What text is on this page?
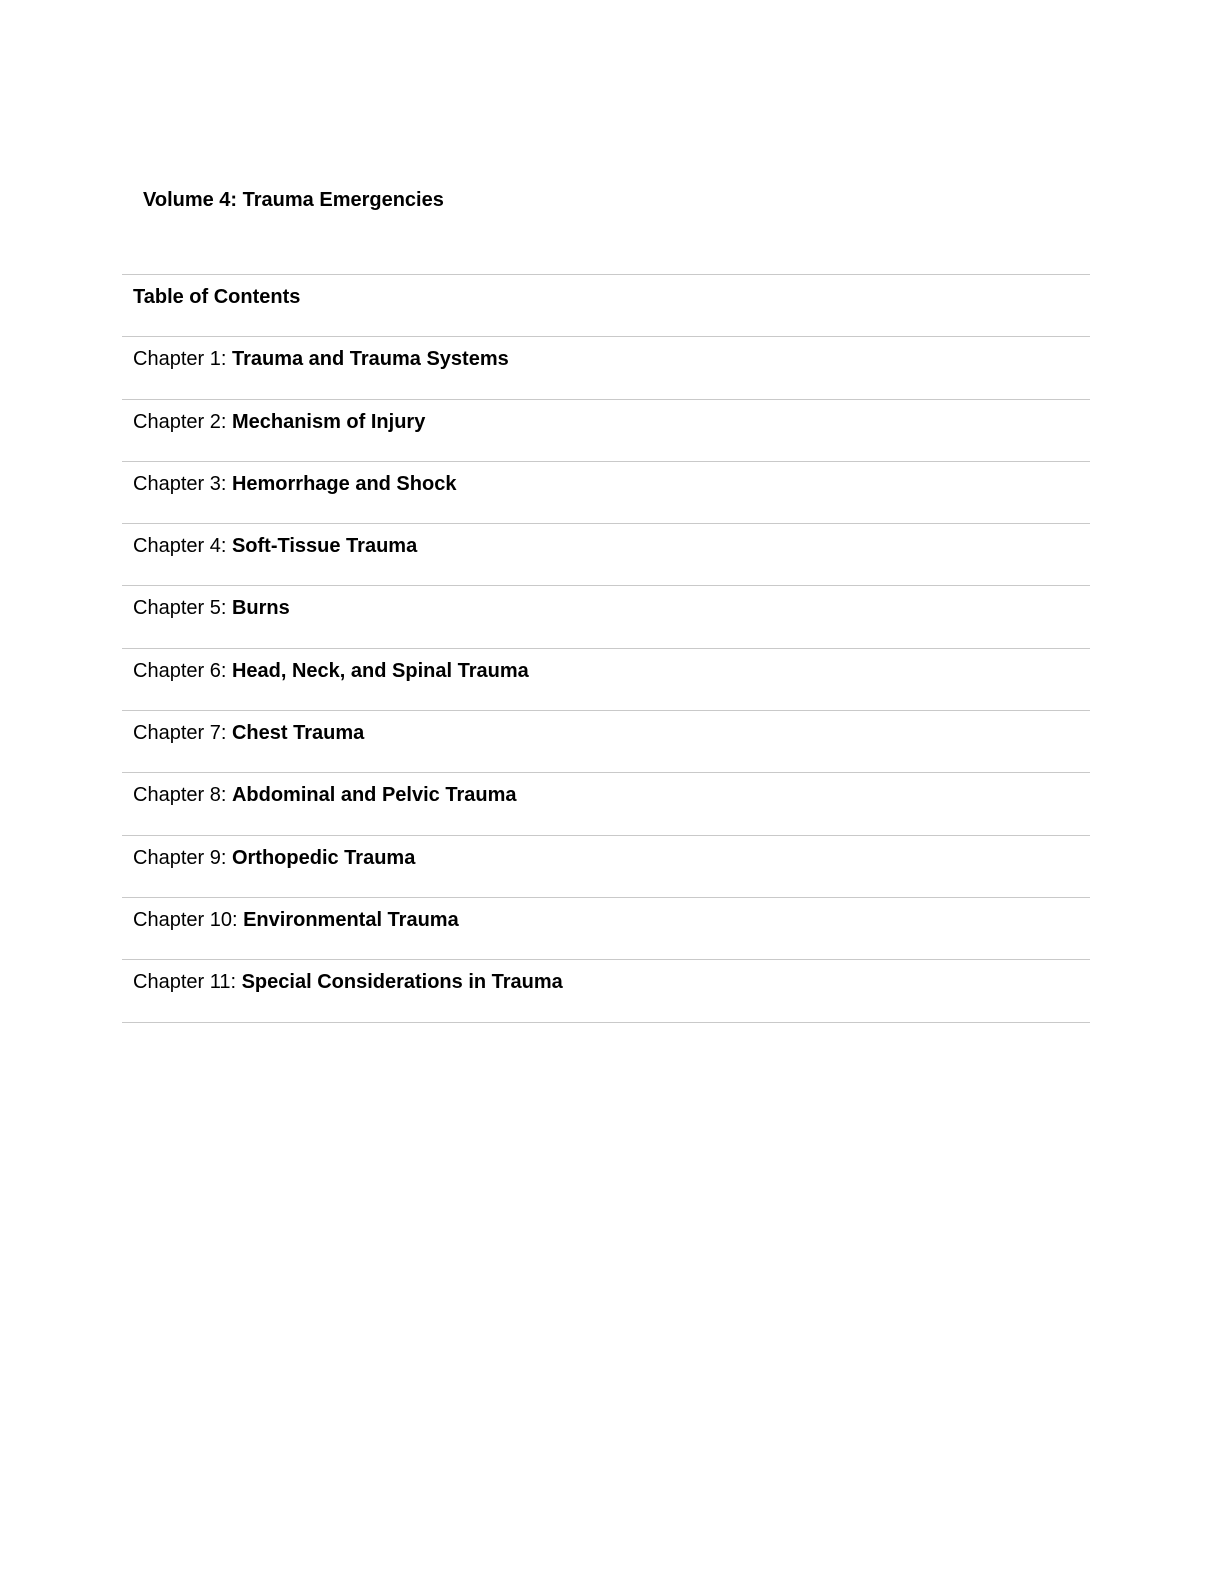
Volume 4: Trauma Emergencies
Table of Contents
Chapter 1: Trauma and Trauma Systems
Chapter 2: Mechanism of Injury
Chapter 3: Hemorrhage and Shock
Chapter 4: Soft-Tissue Trauma
Chapter 5: Burns
Chapter 6: Head, Neck, and Spinal Trauma
Chapter 7: Chest Trauma
Chapter 8: Abdominal and Pelvic Trauma
Chapter 9: Orthopedic Trauma
Chapter 10: Environmental Trauma
Chapter 11: Special Considerations in Trauma
